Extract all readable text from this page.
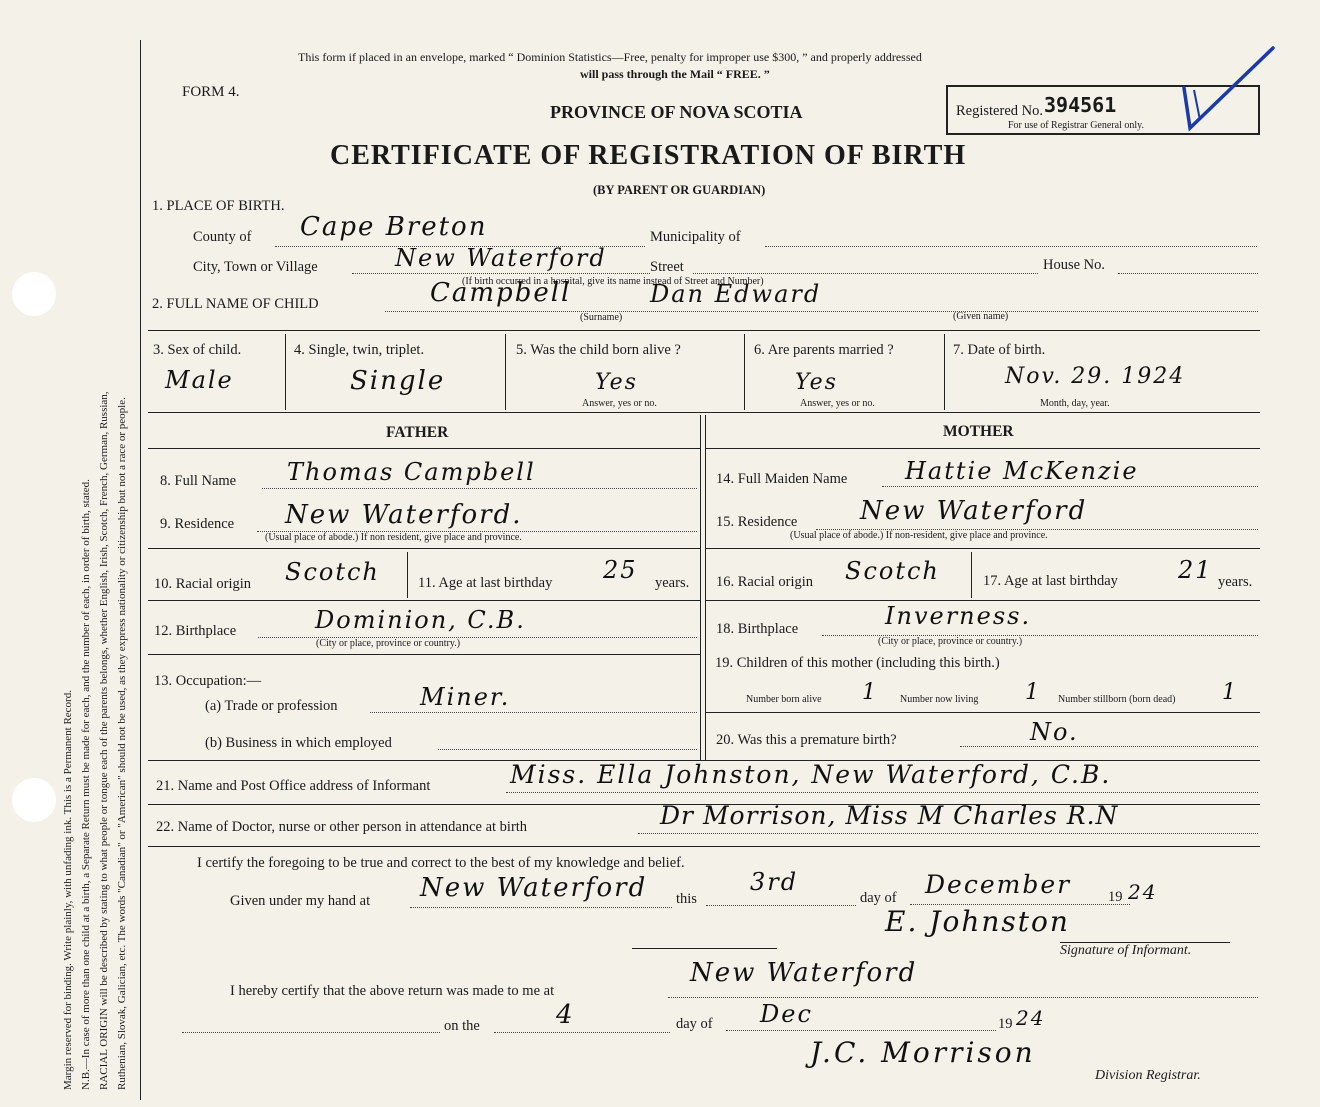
Margin reserved for binding. Write plainly, with unfading ink. This is a Permanent Record. N.B.—In case of more than one child at a birth, a Separate Return must be made for each, and the number of each, in order of birth, stated. RACIAL ORIGIN will be described by stating to what people or tongue each of the parents belongs, whether English, Irish, Scotch, French, German, Russian, Ruthenian, Slovak, Galician, etc. The words "Canadian" or "American" should not be used, as they express nationality or citizenship but not a race or people.
This form if placed in an envelope, marked “ Dominion Statistics—Free, penalty for improper use $300, ” and properly addressed
will pass through the Mail “ FREE. ”
FORM 4.
PROVINCE OF NOVA SCOTIA
CERTIFICATE OF REGISTRATION OF BIRTH
(BY PARENT OR GUARDIAN)
Registered No. 394561
For use of Registrar General only.
1. PLACE OF BIRTH.
County of Cape Breton	Municipality of
City, Town or Village	New Waterford	Street	House No.
(If birth occurred in a hospital, give its name instead of Street and Number)
2. FULL NAME OF CHILD	Campbell	Dan Edward
(Surname)	(Given name)
3. Sex of child.
Male
4. Single, twin, triplet.
Single
5. Was the child born alive ?
Yes
Answer, yes or no.
6. Are parents married ?
Yes
Answer, yes or no.
7. Date of birth.
Nov. 29. 1924
Month, day, year.
FATHER	MOTHER
8. Full Name Thomas Campbell
9. Residence New Waterford.
(Usual place of abode.) If non resident, give place and province.
10. Racial origin Scotch	11. Age at last birthday 25 years.
12. Birthplace	Dominion, C.B.
(City or place, province or country.)
13. Occupation:—
(a) Trade or profession	Miner.
(b) Business in which employed
14. Full Maiden Name Hattie McKenzie
15. Residence New Waterford
(Usual place of abode.) If non-resident, give place and province.
16. Racial origin Scotch	17. Age at last birthday	21 years.
18. Birthplace	Inverness.
(City or place, province or country.)
19. Children of this mother (including this birth.)
Number born alive 1 Number now living 1 Number stillborn (born dead) 1
20. Was this a premature birth?	No.
21. Name and Post Office address of Informant	Miss. Ella Johnston, New Waterford, C.B.
22. Name of Doctor, nurse or other person in attendance at birth	Dr Morrison, Miss M Charles R.N
I certify the foregoing to be true and correct to the best of my knowledge and belief.
Given under my hand at New Waterford this
3rd
day of December	19 24
E. Johnston
Signature of Informant.
I hereby certify that the above return was made to me at
New Waterford
on the	4	day of Dec	19 24
J.C. Morrison
Division Registrar.
